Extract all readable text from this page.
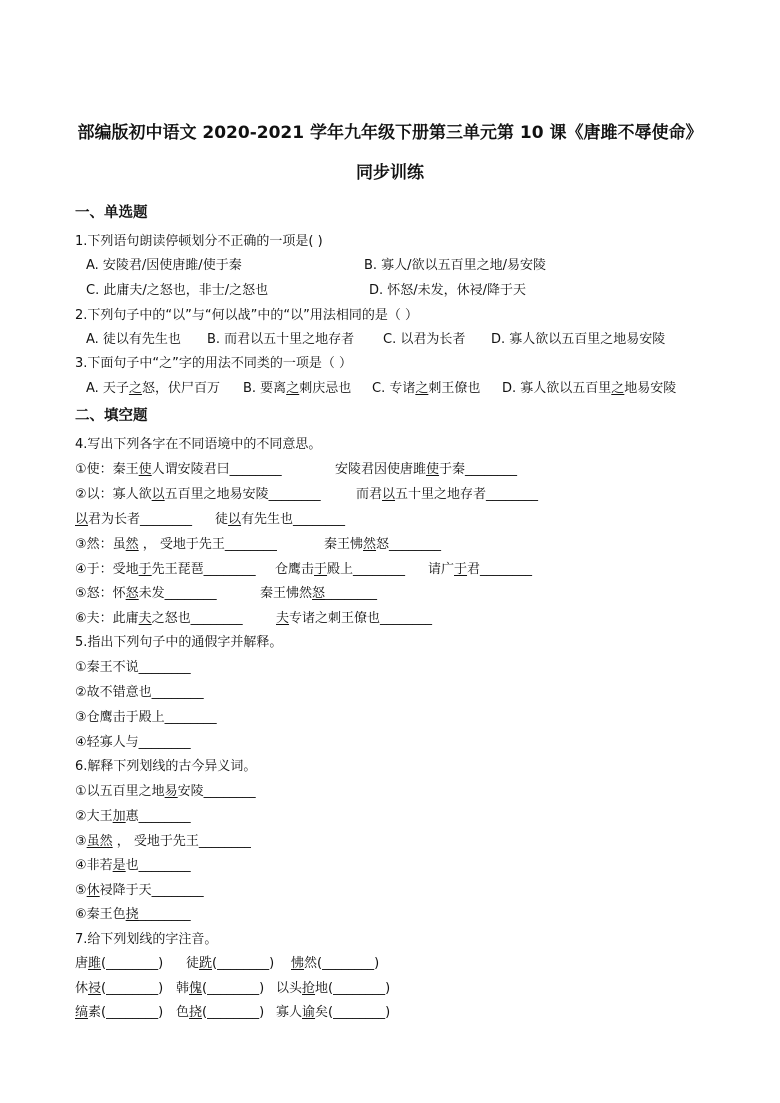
部编版初中语文 2020-2021 学年九年级下册第三单元第 10 课《唐雎不辱使命》
同步训练
一、单选题
1.下列语句朗读停顿划分不正确的一项是( )
A. 安陵君/因使唐雎/使于秦	B. 寡人/欲以五百里之地/易安陵
C. 此庸夫/之怒也，非士/之怒也	D. 怀怒/未发，休祲/降于天
2.下列句子中的“以”与“何以战”中的“以”用法相同的是（ ）
A. 徒以有先生也 B. 而君以五十里之地存者 C. 以君为长者 D. 寡人欲以五百里之地易安陵
3.下面句子中“之”字的用法不同类的一项是（ ）
A. 天子之怒，伏尸百万 B. 要离之刺庆忌也 C. 专诸之刺王僚也 D. 寡人欲以五百里之地易安陵
二、填空题
4.写出下列各字在不同语境中的不同意思。
①使：秦王使人谓安陵君曰________	安陵君因使唐雎使于秦________
②以：寡人欲以五百里之地易安陵________	而君以五十里之地存者________
以君为长者________ 徒以有先生也________
③然：虽然 ， 受地于先王________	秦王怫然怒________
④于：受地于先王琵琶________ 仓鹰击于殿上________ 请广于君________
⑤怒：怀怒未发________	秦王怫然怒________
⑥夫：此庸夫之怒也________	夫专诸之刺王僚也________
5.指出下列句子中的通假字并解释。
①秦王不说________
②故不错意也________
③仓鹰击于殿上________
④轻寡人与________
6.解释下列划线的古今异义词。
①以五百里之地易安陵________
②大王加惠________
③虽然 ， 受地于先王________
④非若是也________
⑤休祲降于天________
⑥秦王色挠________
7.给下列划线的字注音。
唐雎(________) 徒跣(________) 怫然(________)
休祲(________) 韩傀(________) 以头抢地(________)
缟素(________) 色挠(________) 寡人谕矣(________)
